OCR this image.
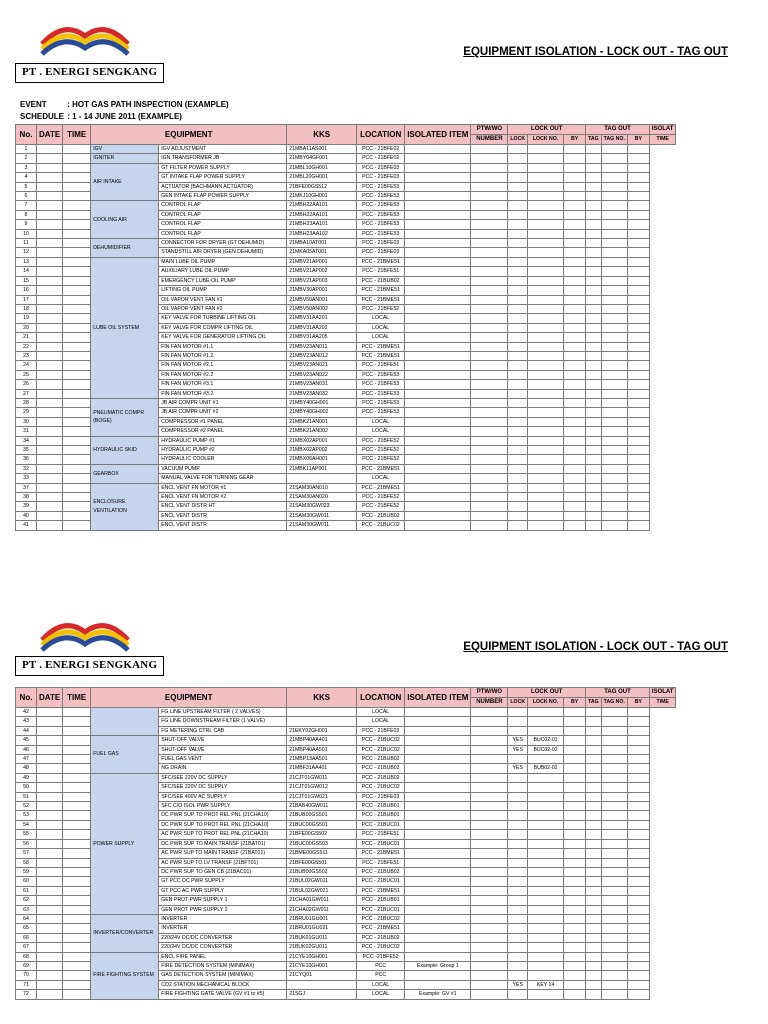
PT . ENERGI SENGKANG
EQUIPMENT ISOLATION - LOCK OUT - TAG OUT
EVENT	: HOT GAS PATH INSPECTION (EXAMPLE)
SCHEDULE : 1 - 14 JUNE 2011 (EXAMPLE)
No.	DATE	TIME	EQUIPMENT		KKS	LOCATION	ISOLATED ITEM	PTW/WO	LOCK OUT			TAG OUT			ISOLAT
								NUMBER	LOCK	LOCK NO.	BY	TAG	TAG NO.	BY	TIME
1			IGV	IGV ADJUSTMENT	21MBA11AS001	PCC - 21BFE02									
2			IGNITER	IGN TRANSFORMER JB	21MBY04GF001	PCC - 21BFE02									
3			AIR INTAKE	GT FILTER POWER SUPPLY	21MBL10GH001	PCC - 21BFE03									
4				GT INTAKE FLAP POWER SUPPLY	21MBL20GH001	PCC - 21BFE03									
5				ACTUATOR (BACHMANN ACTUATOR)	21BFE00GS512	PCC - 21BFE53									
6				GEN INTAKE FLAP POWER SUPPLY	21MKJ10GH001	PCC - 21BFE53									
7			COOLING AIR	CONTROL FLAP	21MBH22AA101	PCC - 21BFE53									
8				CONTROL FLAP	21MBH22AA101	PCC - 21BFE53									
9				CONTROL FLAP	21MBH23AA101	PCC - 21BFE53									
10				CONTROL FLAP	21MBH23AA102	PCC - 21BFE53									
11			DEHUMIDIFIER	CONNECTOR FOR DRYER (GT DEHUMID)	21MBA10AT001	PCC - 21BFE03									
12				STANDSTILL AIR DRYER (GEN DEHUMID)	21MKA05AT001	PCC - 21BFE03									
13			LUBE OIL SYSTEM	MAIN LUBE OIL PUMP	21MBV21AP001	PCC - 21BME51									
14				AUXILIARY LUBE OIL PUMP	21MBV21AP002	PCC - 21BFE51									
15				EMERGENCY LUBE OIL PUMP	21MBV21AP003	PCC - 21BUB02									
16				LIFTING OIL PUMP	21MBV30AP001	PCC - 21BME51									
17				OIL VAPOR VENT FAN #1	21MBV50AN001	PCC - 21BME51									
18				OIL VAPOR VENT FAN #2	21MBV50AN002	PCC - 21BFE52									
19				KEY VALVE FOR TURBINE LIFTING OIL	21MBV31AA201	LOCAL									
20				KEY VALVE FOR COMPR LIFTING OIL	21MBV31AA202	LOCAL									
21				KEY VALVE FOR GENERATOR LIFTING OIL	21MBV31AA205	LOCAL									
22				FIN FAN MOTOR #1.1	21MBV23AN011	PCC - 21BME51									
23				FIN FAN MOTOR #1.2	21MBV23AN012	PCC - 21BME51									
24				FIN FAN MOTOR #2.1	21MBV23AN021	PCC - 21BFE51									
25				FIN FAN MOTOR #2.2	21MBV23AN022	PCC - 21BFE53									
26				FIN FAN MOTOR #3.1	21MBV23AN031	PCC - 21BFE53									
27				FIN FAN MOTOR #3.2	21MBV23AN032	PCC - 21BFE53									
28			PNEUMATIC COMPR (BOGE)	JB AIR COMPR UNIT #1	21MBY40GH001	PCC - 21BFE53									
29				JB AIR COMPR UNIT #2	21MBY40GH002	PCC - 21BFE53									
30				COMPRESSOR #1 PANEL	21MBK21AN001	LOCAL									
31				COMPRESSOR #2 PANEL	21MBK21AN002	LOCAL									
34			HYDRAULIC SKID	HYDRAULIC PUMP #1	21MBX02AP001	PCC - 21BFE52									
35				HYDRAULIC PUMP #2	21MBX02AP002	PCC - 21BFE52									
36				HYDRAULIC COOLER	21MBX06AH001	PCC - 21BFE52									
32			GEARBOX	VACUUM PUMP	21MBK11AP001	PCC - 21BME51									
33				MANUAL VALVE FOR TURNING GEAR		LOCAL									
37			ENCLOSURE VENTILATION	ENCL VENT FN MOTOR #1	21SAM30AN010	PCC - 21BME51									
38				ENCL VENT FN MOTOR #2	21SAM30AN020	PCC - 21BFE52									
39				ENCL VENT DISTR HT	21SAM30GW023	PCC - 21BFE52									
40				ENCL VENT DISTR	21SAM30GW011	PCC - 21BUB02									
41				ENCL VENT DISTR	21SAM30GW011	PCC - 21BUC02									
PT . ENERGI SENGKANG
EQUIPMENT ISOLATION - LOCK OUT - TAG OUT
No.	DATE	TIME	EQUIPMENT		KKS	LOCATION	ISOLATED ITEM	PTW/WO	LOCK OUT			TAG OUT			ISOLAT
								NUMBER	LOCK	LOCK NO.	BY	TAG	TAG NO.	BY	TIME
42				FG LINE UPSTREAM FILTER ( 2 VALVES)		LOCAL									
43				FG LINE DOWNSTREAM FILTER (1 VALVE)		LOCAL									
44				FG METERING CTRL CAB	21EKY02GH001	PCC - 21BFE03									
45			FUEL GAS	SHUT-OFF VALVE	21MBP40AA401	PCC - 21BUC02			YES	BUC02-01					
46				SHUT-OFF VALVE	21MBP40AA501	PCC - 21BUC02			YES	BUC02-02					
47				FUEL GAS VENT	21MBP13AA501	PCC - 21BUB02									
48				NG DRAIN	21MBF31AA401	PCC - 21BUB02			YES	BUB02-02					
49			POWER SUPPLY	SFC/SEE 220V DC SUPPLY	21CJT01GW011	PCC - 21BUB02									
50				SFC/SEE 220V DC SUPPLY	21CJT01GW012	PCC - 21BUC02									
51				SFC/SEE 400V AC SUPPLY	21CJT01GW021	PCC - 21BFE03									
52				SFC C/O ISOL PWR SUPPLY	21BAB40GW011	PCC - 21BUB01									
53				DC PWR SUP TO PROT REL PNL (21CHA10)	21BUB00GS501	PCC - 21BUB01									
54				DC PWR SUP TO PROT REL PNL (21CHA10)	21BUC00GS501	PCC - 21BUC01									
55				AC PWR SUP TO PROT REL PNL (21CHA10)	21BFE00GS502	PCC - 21BFE51									
56				DC PWR SUP TO MAIN TRANSF (21BAT01)	21BUC00GS503	PCC - 21BUC01									
57				AC PWR SUP TO MAIN TRANSF (21BAT01)	21BME00GS511	PCC - 21BME51									
58				AC PWR SUP TO LV TRANSF (21BFT01)	21BFE00GS501	PCC - 21BFE51									
59				DC PWR SUP TO GEN CB (21BAC01)	21BUB00GS502	PCC - 21BUB02									
60				GT PCC DC PWR SUPPLY	21BUL02GW011	PCC - 21BUC01									
61				GT PCC AC PWR SUPPLY	21BUL02GW021	PCC - 21BME51									
62				GEN PROT PWR SUPPLY 1	21CHA01GW011	PCC - 21BUB01									
63				GEN PROT PWR SUPPLY 2	21CHA02GW011	PCC - 21BUC01									
64			INVERTER/CONVERTER	INVERTER	21BRU01GU001	PCC - 21BUC02									
65				INVERTER	21BRU01GU021	PCC - 21BME51									
66				220/24V DC/DC CONVERTER	21BUK01GU011	PCC - 21BUB02									
67				220/24V DC/DC CONVERTER	21BUK02GU011	PCC - 21BUC02									
68			FIRE FIGHTING SYSTEM	ENCL FIRE PANEL	21CYE10GH001	PCC -21BFE52									
69				FIRE DETECTION SYSTEM (MINIMAX)	21CYE10GH001	PCC	Example: Group 1								
70				GAS DETECTION SYSTEM (MINIMAX)	21CYQ01	PCC									
71				CO2 STATION MECHANICAL BLOCK		LOCAL			YES	KEY 14					
72				FIRE FIGHTING GATE VALVE (GV #1 to #5)	21SGJ	LOCAL	Example: GV #1								
